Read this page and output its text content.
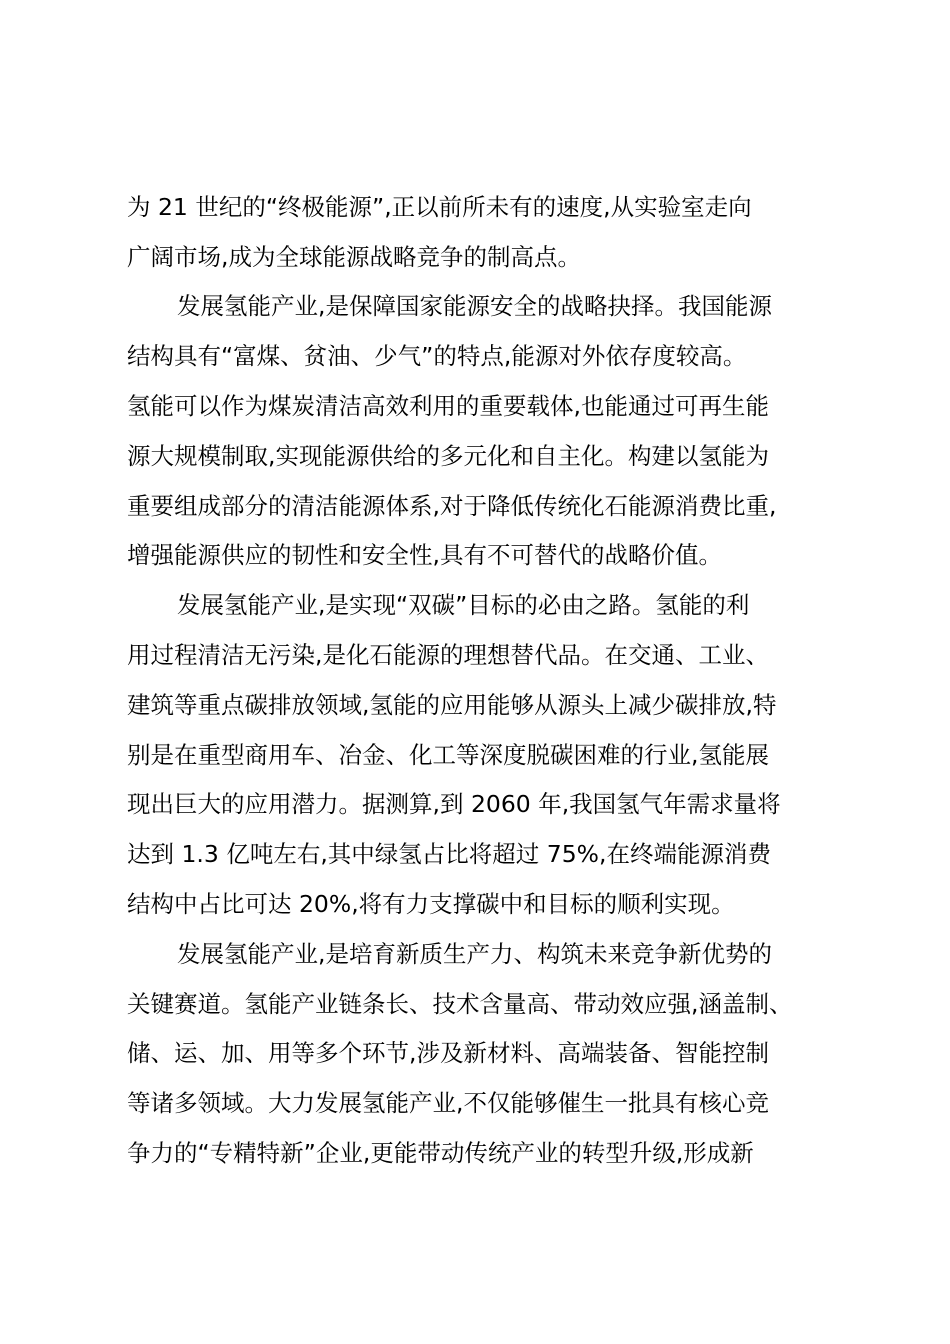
为 21 世纪的“终极能源”,正以前所未有的速度,从实验室走向
广阔市场,成为全球能源战略竞争的制高点。
发展氢能产业,是保障国家能源安全的战略抉择。我国能源
结构具有“富煤、贫油、少气”的特点,能源对外依存度较高。
氢能可以作为煤炭清洁高效利用的重要载体,也能通过可再生能
源大规模制取,实现能源供给的多元化和自主化。构建以氢能为
重要组成部分的清洁能源体系,对于降低传统化石能源消费比重,
增强能源供应的韧性和安全性,具有不可替代的战略价值。
发展氢能产业,是实现“双碳”目标的必由之路。氢能的利
用过程清洁无污染,是化石能源的理想替代品。在交通、工业、
建筑等重点碳排放领域,氢能的应用能够从源头上减少碳排放,特
别是在重型商用车、冶金、化工等深度脱碳困难的行业,氢能展
现出巨大的应用潜力。据测算,到 2060 年,我国氢气年需求量将
达到 1.3 亿吨左右,其中绿氢占比将超过 75%,在终端能源消费
结构中占比可达 20%,将有力支撑碳中和目标的顺利实现。
发展氢能产业,是培育新质生产力、构筑未来竞争新优势的
关键赛道。氢能产业链条长、技术含量高、带动效应强,涵盖制、
储、运、加、用等多个环节,涉及新材料、高端装备、智能控制
等诸多领域。大力发展氢能产业,不仅能够催生一批具有核心竞
争力的“专精特新”企业,更能带动传统产业的转型升级,形成新
